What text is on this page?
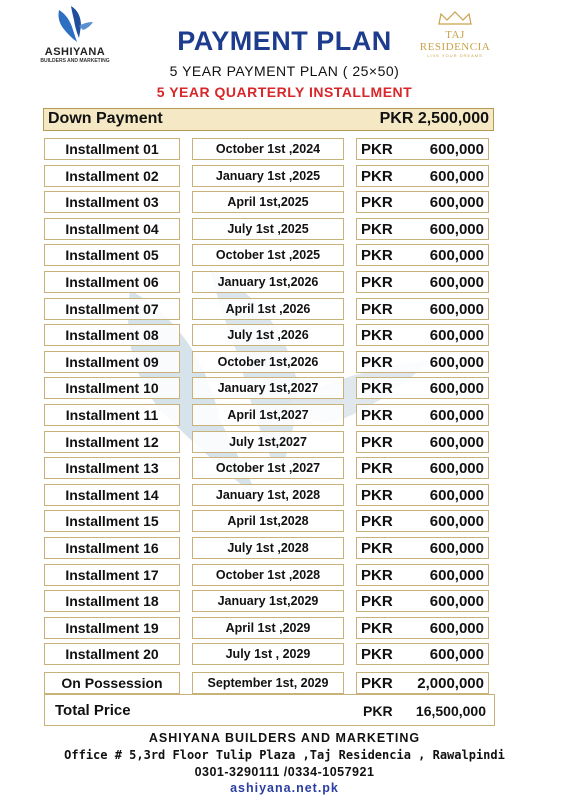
ASHIYANA
BUILDERS AND MARKETING
TAJ RESIDENCIA
LIVE YOUR DREAMS
PAYMENT PLAN
5 YEAR PAYMENT PLAN ( 25×50)
5 YEAR QUARTERLY INSTALLMENT
Down Payment	PKR 2,500,000
Installment 01	October 1st ,2024	PKR 600,000
Installment 02	January 1st ,2025	PKR 600,000
Installment 03	April 1st,2025	PKR 600,000
Installment 04	July 1st ,2025	PKR 600,000
Installment 05	October 1st ,2025	PKR 600,000
Installment 06	January 1st,2026	PKR 600,000
Installment 07	April 1st ,2026	PKR 600,000
Installment 08	July 1st ,2026	PKR 600,000
Installment 09	October 1st,2026	PKR 600,000
Installment 10	January 1st,2027	PKR 600,000
Installment 11	April 1st,2027	PKR 600,000
Installment 12	July 1st,2027	PKR 600,000
Installment 13	October 1st ,2027	PKR 600,000
Installment 14	January 1st, 2028	PKR 600,000
Installment 15	April 1st,2028	PKR 600,000
Installment 16	July 1st ,2028	PKR 600,000
Installment 17	October 1st ,2028	PKR 600,000
Installment 18	January 1st,2029	PKR 600,000
Installment 19	April 1st ,2029	PKR 600,000
Installment 20	July 1st , 2029	PKR 600,000
On Possession	September 1st, 2029	PKR 2,000,000
Total Price	PKR 16,500,000
ASHIYANA BUILDERS AND MARKETING
Office # 5,3rd Floor Tulip Plaza ,Taj Residencia , Rawalpindi
0301-3290111 /0334-1057921
ashiyana.net.pk
